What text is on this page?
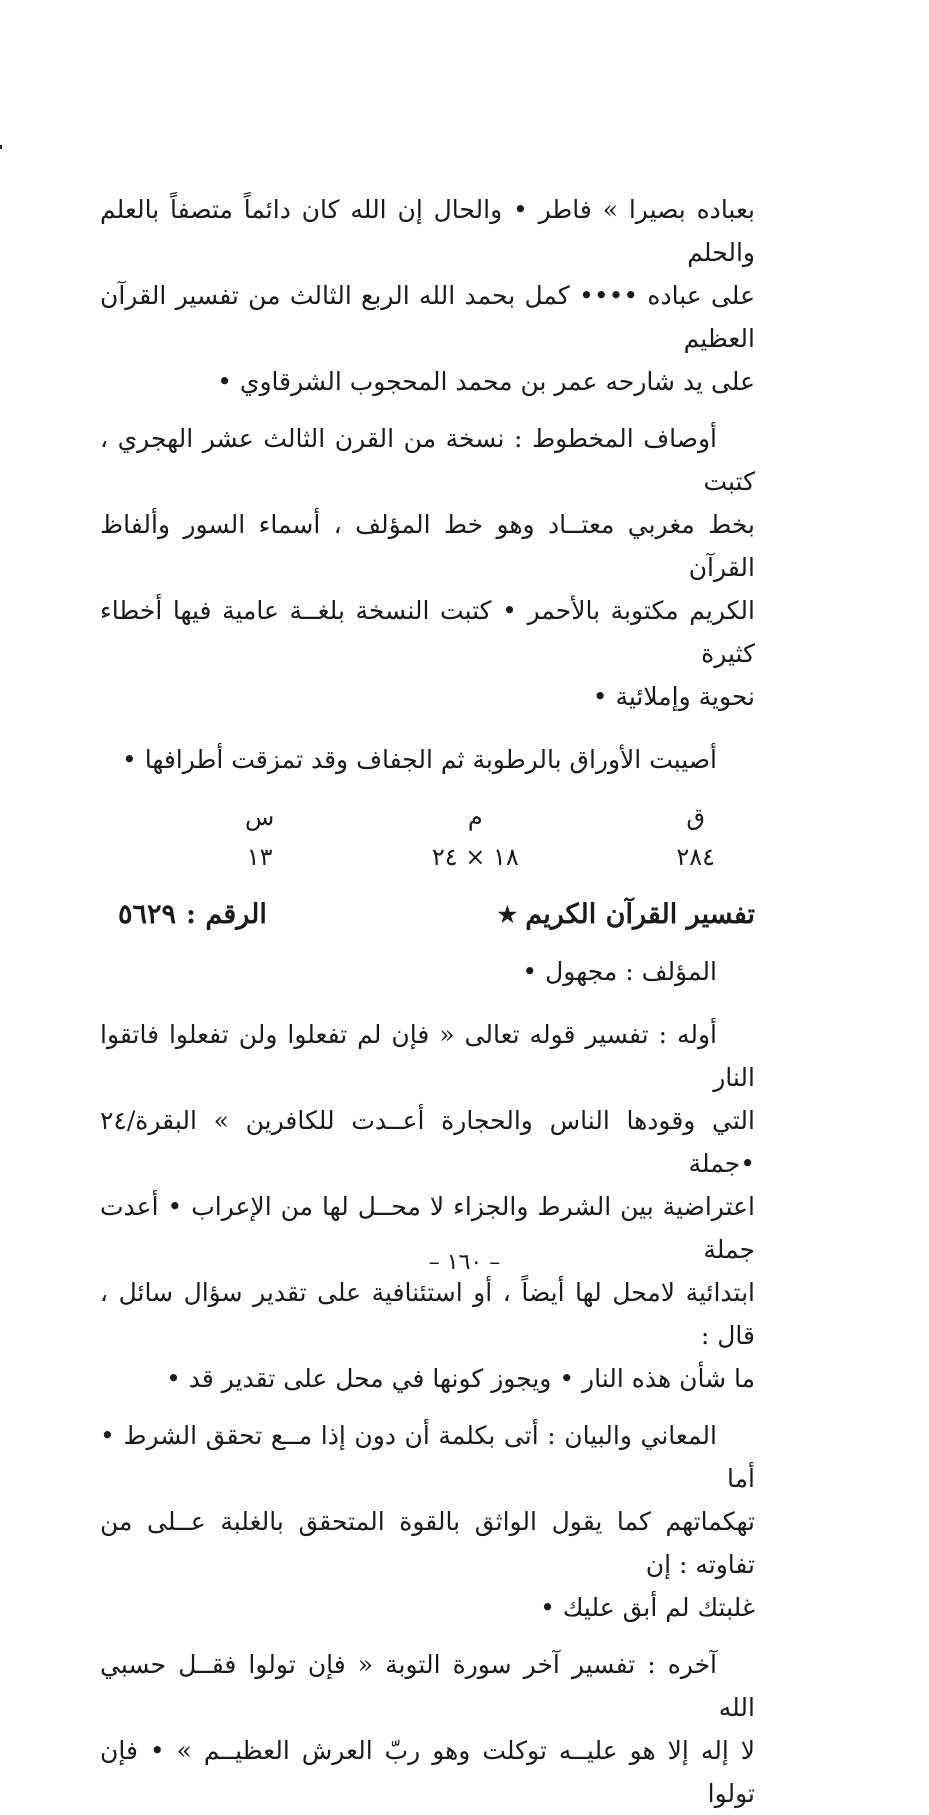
بعباده بصيرا » فاطر • والحال إن الله كان دائماً متصفاً بالعلم والحلم

على عباده •••• كمل بحمد الله الربع الثالث من تفسير القرآن العظيم

على يد شارحه عمر بن محمد المحجوب الشرقاوي •

أوصاف المخطوط : نسخة من القرن الثالث عشر الهجري ، كتبت

بخط مغربي معتــاد وهو خط المؤلف ، أسماء السور وألفاظ القرآن

الكريم مكتوبة بالأحمر • كتبت النسخة بلغــة عامية فيها أخطاء كثيرة

نحوية وإملائية •

أصيبت الأوراق بالرطوبة ثم الجفاف وقد تمزقت أطرافها •

ق
٢٨٤
م
١٨ × ٢٤
س
١٣
تفسير القرآن الكريم
★
الرقم :
٥٦٢٩

المؤلف : مجهول •

أوله : تفسير قوله تعالى « فإن لم تفعلوا ولن تفعلوا فاتقوا النار

التي وقودها الناس والحجارة أعــدت للكافرين » البقرة/٢٤ •جملة

اعتراضية بين الشرط والجزاء لا محــل لها من الإعراب • أعدت جملة

ابتدائية لامحل لها أيضاً ، أو استئنافية على تقدير سؤال سائل ، قال :

ما شأن هذه النار • ويجوز كونها في محل على تقدير قد •

المعاني والبيان : أتى بكلمة أن دون إذا مــع تحقق الشرط • أما

تهكماتهم كما يقول الواثق بالقوة المتحقق بالغلبة عــلى من تفاوته : إن

غلبتك لم أبق عليك •

آخره : تفسير آخر سورة التوبة « فإن تولوا فقــل حسبي الله

لا إله إلا هو عليــه توكلت وهو ربّ العرش العظيــم » • فإن تولوا

– ١٦٠ –
